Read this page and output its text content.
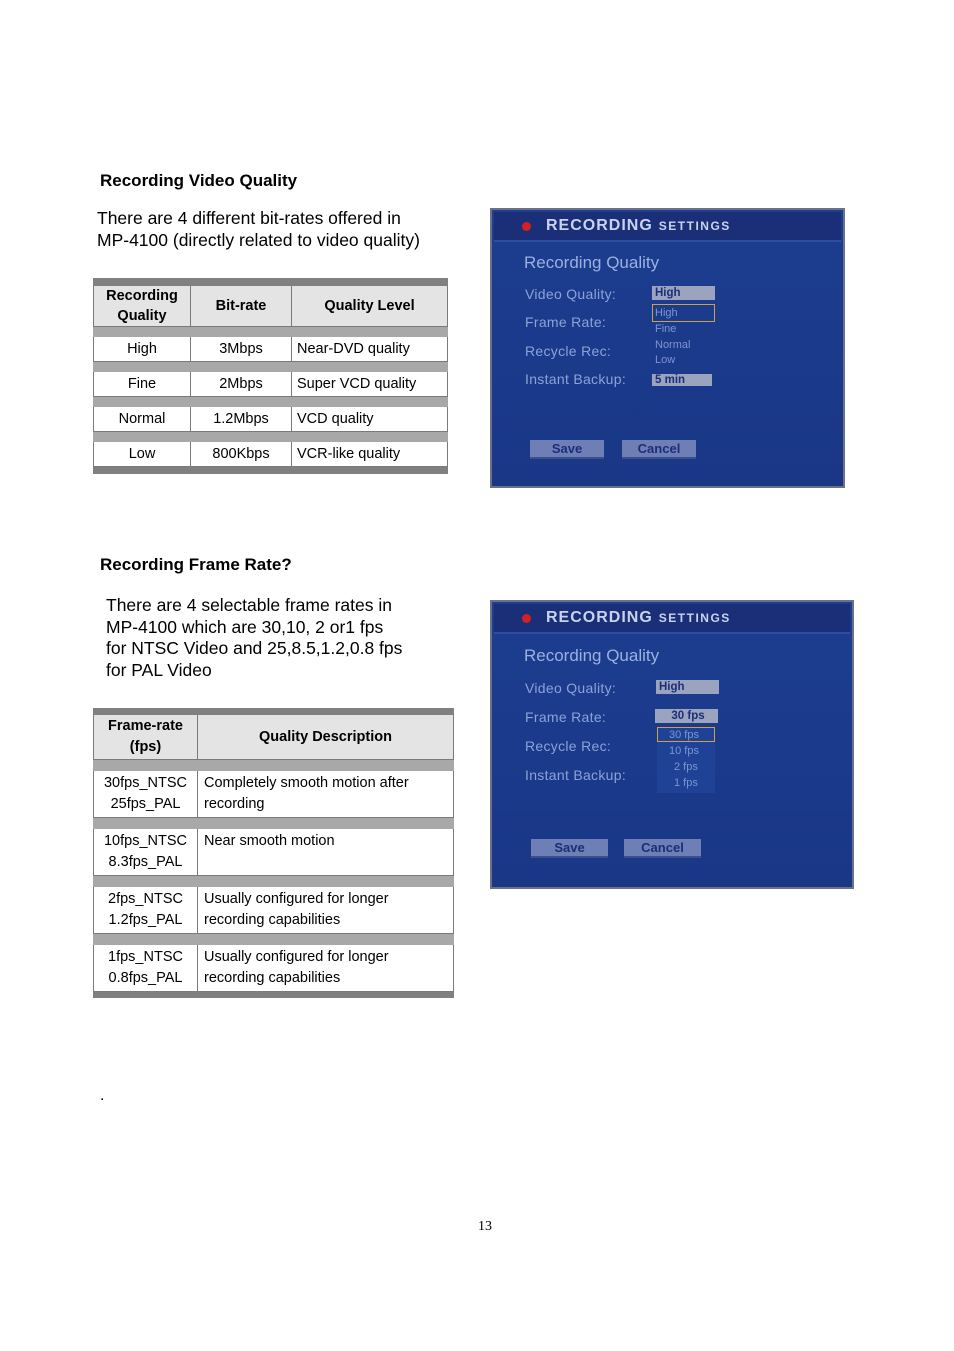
Recording Video Quality
There are 4 different bit-rates offered in
MP-4100 (directly related to video quality)

Recording
Quality	Bit-rate	Quality Level

High	3Mbps	Near-DVD quality

Fine	2Mbps	Super VCD quality

Normal	1.2Mbps	VCD quality

Low	800Kbps	VCR-like quality

RECORDING SETTINGS
Recording Quality
Video Quality:
Frame Rate:
Recycle Rec:
Instant Backup:
High
High
Fine
Normal
Low
5 min
Save	Cancel
Recording Frame Rate?
There are 4 selectable frame rates in
MP-4100 which are 30,10, 2 or1 fps
for NTSC Video and 25,8.5,1.2,0.8 fps
for PAL Video

Frame-rate
(fps)	Quality Description

30fps_NTSC
25fps_PAL	Completely smooth motion after
recording

10fps_NTSC
8.3fps_PAL	Near smooth motion

2fps_NTSC
1.2fps_PAL	Usually configured for longer
recording capabilities

1fps_NTSC
0.8fps_PAL	Usually configured for longer
recording capabilities

RECORDING SETTINGS
Recording Quality
Video Quality:
Frame Rate:
Recycle Rec:
Instant Backup:
High
30 fps
30 fps
10 fps
2 fps
1 fps
Save	Cancel
.
13
